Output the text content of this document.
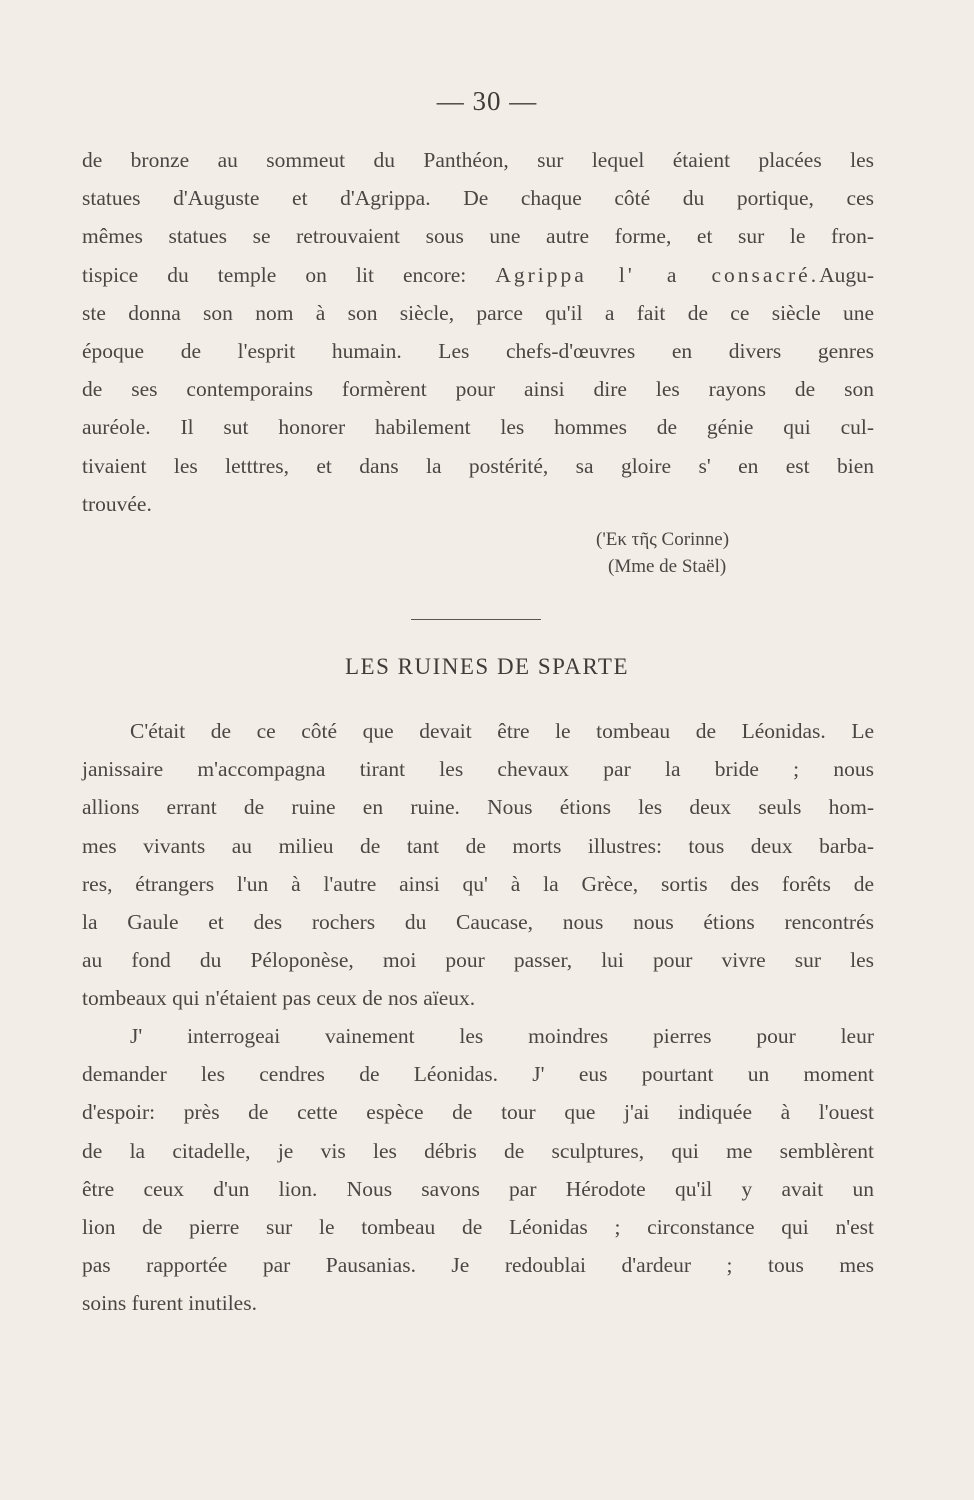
— 30 —
de bronze au sommeut du Panthéon, sur lequel étaient placées les
statues d'Auguste et d'Agrippa. De chaque côté du portique, ces
mêmes statues se retrouvaient sous une autre forme, et sur le fron-
tispice du temple on lit encore: Agrippa l' a consacré.Augu-
ste donna son nom à son siècle, parce qu'il a fait de ce siècle une
époque de l'esprit humain. Les chefs-d'œuvres en divers genres
de ses contemporains formèrent pour ainsi dire les rayons de son
auréole. Il sut honorer habilement les hommes de génie qui cul-
tivaient les letttres, et dans la postérité, sa gloire s' en est bien
trouvée.
('Εκ τῆς Corinne)
(Mme de Staël)
LES RUINES DE SPARTE
C'était de ce côté que devait être le tombeau de Léonidas. Le
janissaire m'accompagna tirant les chevaux par la bride ; nous
allions errant de ruine en ruine. Nous étions les deux seuls hom-
mes vivants au milieu de tant de morts illustres: tous deux barba-
res, étrangers l'un à l'autre ainsi qu' à la Grèce, sortis des forêts de
la Gaule et des rochers du Caucase, nous nous étions rencontrés
au fond du Péloponèse, moi pour passer, lui pour vivre sur les
tombeaux qui n'étaient pas ceux de nos aïeux.
J' interrogeai vainement les moindres pierres pour leur
demander les cendres de Léonidas. J' eus pourtant un moment
d'espoir: près de cette espèce de tour que j'ai indiquée à l'ouest
de la citadelle, je vis les débris de sculptures, qui me semblèrent
être ceux d'un lion. Nous savons par Hérodote qu'il y avait un
lion de pierre sur le tombeau de Léonidas ; circonstance qui n'est
pas rapportée par Pausanias. Je redoublai d'ardeur ; tous mes
soins furent inutiles.
